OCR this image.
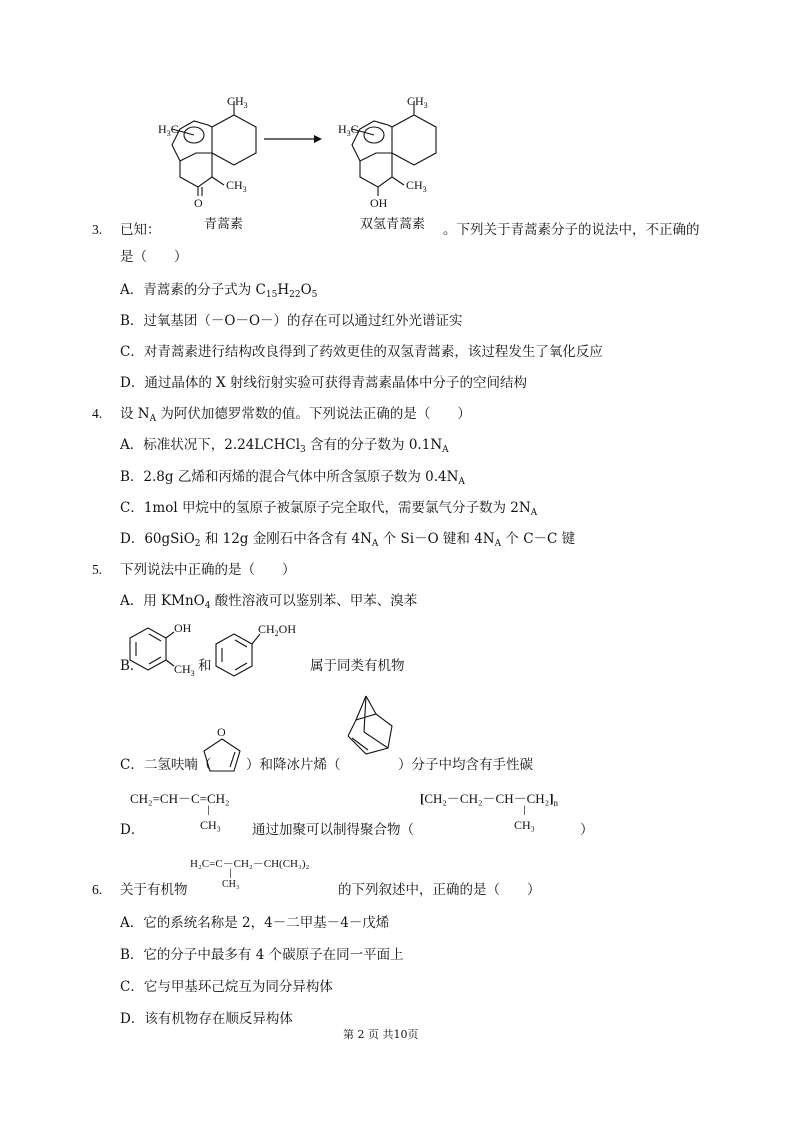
$CH_3$
$H_3C$
$CH_3$
O
$CH_3$
$H_3C$
$CH_3$
OH
3. 已知：	青蒿素	双氢青蒿素 。下列关于青蒿素分子的说法中，不正确的
是（　　）
A．青蒿素的分子式为 $C_{15}H_{22}O_5$
B．过氧基团（－O－O－）的存在可以通过红外光谱证实
C．对青蒿素进行结构改良得到了药效更佳的双氢青蒿素，该过程发生了氧化反应
D．通过晶体的 X 射线衍射实验可获得青蒿素晶体中分子的空间结构
4. 设 $N_A$ 为阿伏加德罗常数的值。下列说法正确的是（　　）
A．标准状况下，2.24LCHCl$_3$ 含有的分子数为 $0.1N_A$
B．2.8g 乙烯和丙烯的混合气体中所含氢原子数为 $0.4N_A$
C．1mol 甲烷中的氢原子被氯原子完全取代，需要氯气分子数为 $2N_A$
D．60gSiO$_2$ 和 12g 金刚石中各含有 $4N_A$ 个 Si－O 键和 $4N_A$ 个 C－C 键
5. 下列说法中正确的是（　　）
A．用 KMnO$_4$ 酸性溶液可以鉴别苯、甲苯、溴苯
B．
OH
$CH_3$ 和
$CH_2OH$
属于同类有机物
C．二氢呋喃（
O
）和降冰片烯（	）分子中均含有手性碳
CH₂=CH－C=CH₂
│
CH₃
D．	通过加聚可以制得聚合物（
$[CH_2-CH_2-CH-CH_2]_n$
│
CH₃	）
H₂C=C－CH₂－CH(CH₃)₂
│
CH₃
6. 关于有机物	的下列叙述中，正确的是（　　）
A．它的系统名称是 2，4－二甲基－4－戊烯
B．它的分子中最多有 4 个碳原子在同一平面上
C．它与甲基环己烷互为同分异构体
D．该有机物存在顺反异构体
第 2 页 共10页
